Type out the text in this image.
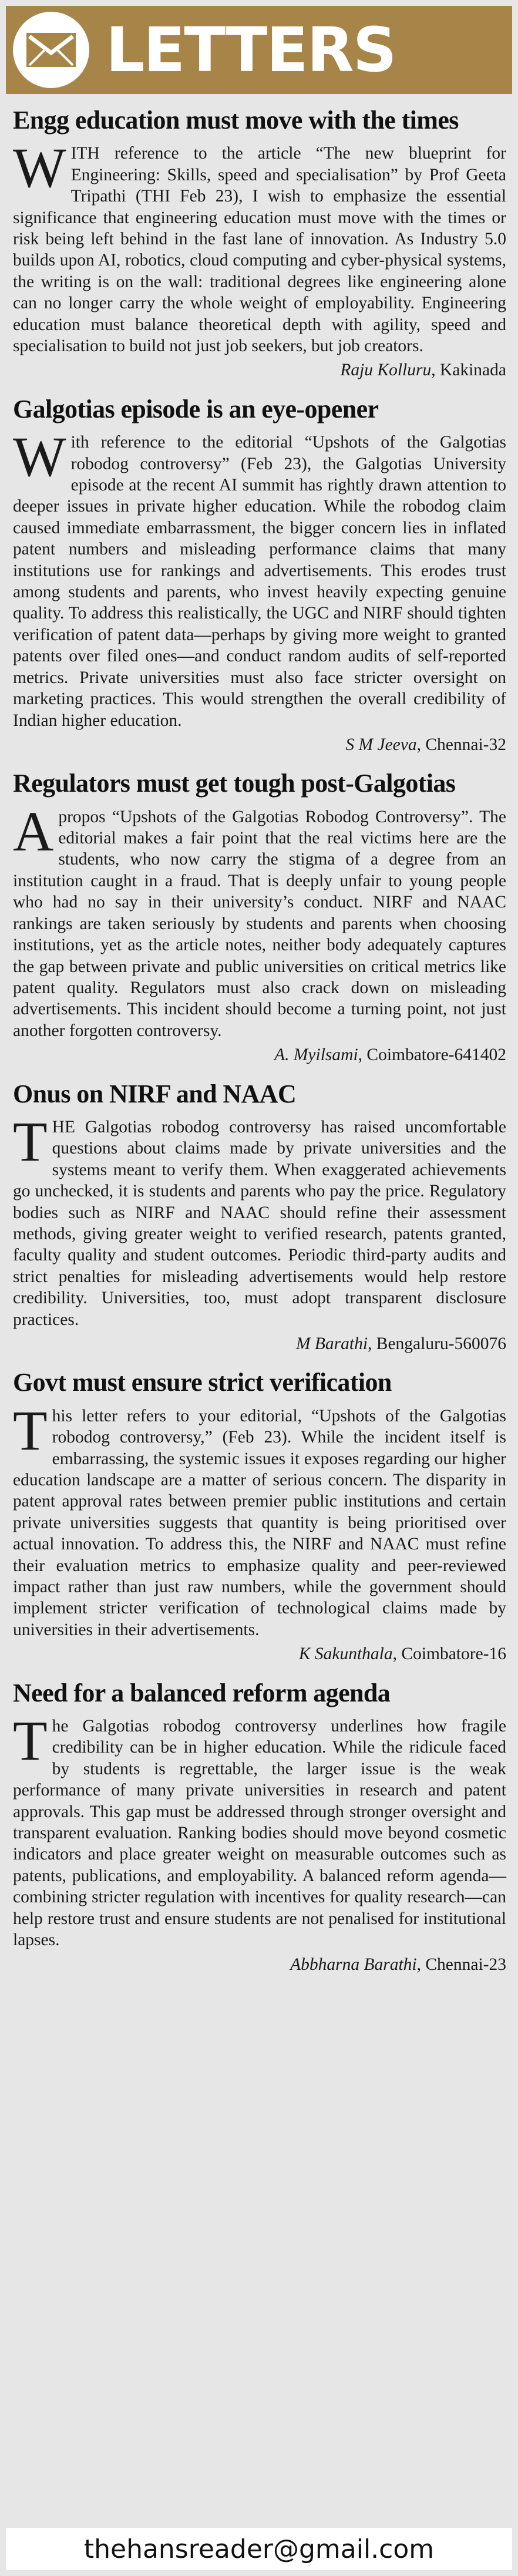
LETTERS
Engg education must move with the times

WITH reference to the article “The new blueprint for Engineering: Skills, speed and specialisation” by Prof Geeta Tripathi (THI Feb 23), I wish to emphasize the essential significance that engineering education must move with the times or risk being left behind in the fast lane of innovation. As Industry 5.0 builds upon AI, robotics, cloud computing and cyber-physical systems, the writing is on the wall: traditional degrees like engineering alone can no longer carry the whole weight of employability. Engineering education must balance theoretical depth with agility, speed and specialisation to build not just job seekers, but job creators.

Raju Kolluru, Kakinada
Galgotias episode is an eye-opener

With reference to the editorial “Upshots of the Galgotias robodog controversy” (Feb 23), the Galgotias University episode at the recent AI summit has rightly drawn attention to deeper issues in private higher education. While the robodog claim caused immediate embarrassment, the bigger concern lies in inflated patent numbers and misleading performance claims that many institutions use for rankings and advertisements. This erodes trust among students and parents, who invest heavily expecting genuine quality. To address this realistically, the UGC and NIRF should tighten verification of patent data—perhaps by giving more weight to granted patents over filed ones—and conduct random audits of self-reported metrics. Private universities must also face stricter oversight on marketing practices. This would strengthen the overall credibility of Indian higher education.

S M Jeeva, Chennai-32
Regulators must get tough post-Galgotias

Apropos “Upshots of the Galgotias Robodog Controversy”. The editorial makes a fair point that the real victims here are the students, who now carry the stigma of a degree from an institution caught in a fraud. That is deeply unfair to young people who had no say in their university’s conduct. NIRF and NAAC rankings are taken seriously by students and parents when choosing institutions, yet as the article notes, neither body adequately captures the gap between private and public universities on critical metrics like patent quality. Regulators must also crack down on misleading advertisements. This incident should become a turning point, not just another forgotten controversy.

A. Myilsami, Coimbatore-641402
Onus on NIRF and NAAC

THE Galgotias robodog controversy has raised uncomfortable questions about claims made by private universities and the systems meant to verify them. When exaggerated achievements go unchecked, it is students and parents who pay the price. Regulatory bodies such as NIRF and NAAC should refine their assessment methods, giving greater weight to verified research, patents granted, faculty quality and student outcomes. Periodic third-party audits and strict penalties for misleading advertisements would help restore credibility. Universities, too, must adopt transparent disclosure practices.

M Barathi, Bengaluru-560076
Govt must ensure strict verification

This letter refers to your editorial, “Upshots of the Galgotias robodog controversy,” (Feb 23). While the incident itself is embarrassing, the systemic issues it exposes regarding our higher education landscape are a matter of serious concern. The disparity in patent approval rates between premier public institutions and certain private universities suggests that quantity is being prioritised over actual innovation. To address this, the NIRF and NAAC must refine their evaluation metrics to emphasize quality and peer-reviewed impact rather than just raw numbers, while the government should implement stricter verification of technological claims made by universities in their advertisements.

K Sakunthala, Coimbatore-16
Need for a balanced reform agenda

The Galgotias robodog controversy underlines how fragile credibility can be in higher education. While the ridicule faced by students is regrettable, the larger issue is the weak performance of many private universities in research and patent approvals. This gap must be addressed through stronger oversight and transparent evaluation. Ranking bodies should move beyond cosmetic indicators and place greater weight on measurable outcomes such as patents, publications, and employability. A balanced reform agenda—combining stricter regulation with incentives for quality research—can help restore trust and ensure students are not penalised for institutional lapses.

Abbharna Barathi, Chennai-23
thehansreader@gmail.com
